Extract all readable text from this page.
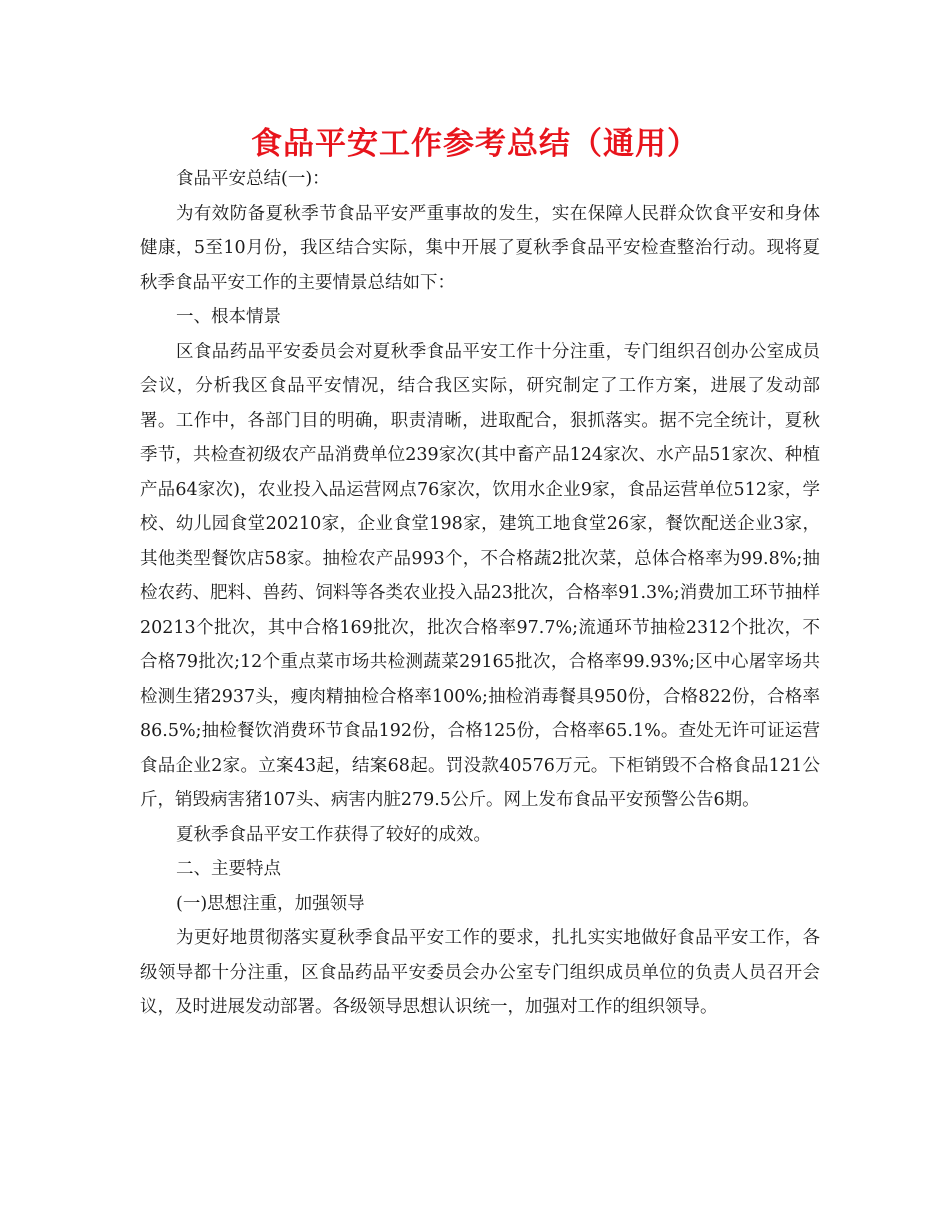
食品平安工作参考总结（通用）

食品平安总结(一)：

为有效防备夏秋季节食品平安严重事故的发生，实在保障人民群众饮食平安和身体健康，5至10月份，我区结合实际，集中开展了夏秋季食品平安检查整治行动。现将夏秋季食品平安工作的主要情景总结如下：

一、根本情景

区食品药品平安委员会对夏秋季食品平安工作十分注重，专门组织召创办公室成员会议，分析我区食品平安情况，结合我区实际，研究制定了工作方案，进展了发动部署。工作中，各部门目的明确，职责清晰，进取配合，狠抓落实。据不完全统计，夏秋季节，共检查初级农产品消费单位239家次(其中畜产品124家次、水产品51家次、种植产品64家次)，农业投入品运营网点76家次，饮用水企业9家，食品运营单位512家，学校、幼儿园食堂20210家，企业食堂198家，建筑工地食堂26家，餐饮配送企业3家，其他类型餐饮店58家。抽检农产品993个，不合格蔬2批次菜，总体合格率为99.8%;抽检农药、肥料、兽药、饲料等各类农业投入品23批次，合格率91.3%;消费加工环节抽样20213个批次，其中合格169批次，批次合格率97.7%;流通环节抽检2312个批次，不合格79批次;12个重点菜市场共检测蔬菜29165批次，合格率99.93%;区中心屠宰场共检测生猪2937头，瘦肉精抽检合格率100%;抽检消毒餐具950份，合格822份，合格率86.5%;抽检餐饮消费环节食品192份，合格125份，合格率65.1%。查处无许可证运营食品企业2家。立案43起，结案68起。罚没款40576万元。下柜销毁不合格食品121公斤，销毁病害猪107头、病害内脏279.5公斤。网上发布食品平安预警公告6期。

夏秋季食品平安工作获得了较好的成效。

二、主要特点

(一)思想注重，加强领导

为更好地贯彻落实夏秋季食品平安工作的要求，扎扎实实地做好食品平安工作，各级领导都十分注重，区食品药品平安委员会办公室专门组织成员单位的负责人员召开会议，及时进展发动部署。各级领导思想认识统一，加强对工作的组织领导。
